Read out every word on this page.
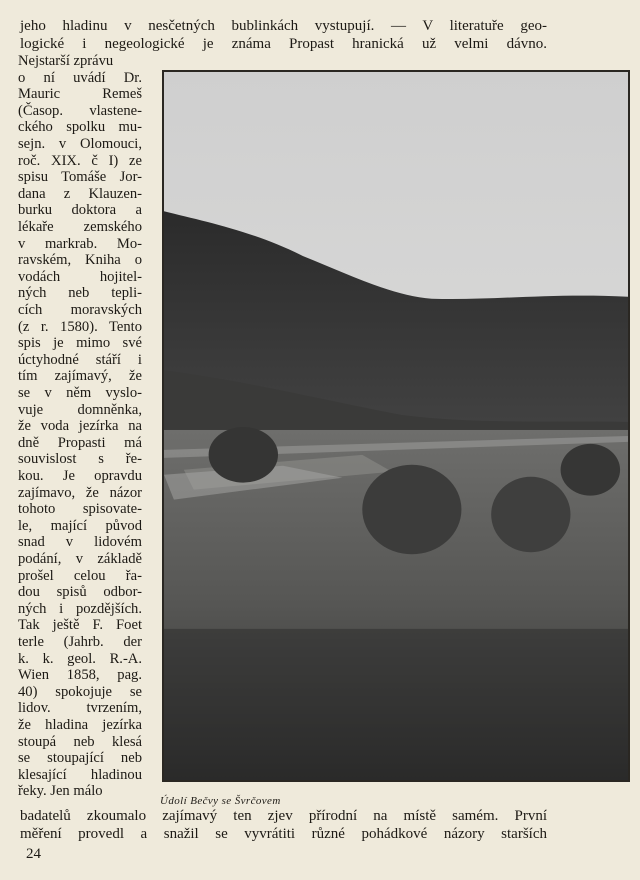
jeho hladinu v nesčetných bublinkách vystupují. — V literatuře geo-
logické i negeologické je známa Propast hranická už velmi dávno.
Nejstarší zprávu
o ní uvádí Dr.
Mauric Remeš
(Časop. vlastene-
ckého spolku mu-
sejn. v Olomouci,
roč. XIX. č I) ze
spisu Tomáše Jor-
dana z Klauzen-
burku doktora a
lékaře zemského
v markrab. Mo-
ravském, Kniha o
vodách hojitel-
ných neb tepli-
cích moravských
(z r. 1580). Tento
spis je mimo své
úctyhodné stáří i
tím zajímavý, že
se v něm vyslo-
vuje domněnka,
že voda jezírka na
dně Propasti má
souvislost s ře-
kou. Je opravdu
zajímavo, že názor
tohoto spisovate-
le, mající původ
snad v lidovém
podání, v základě
prošel celou řa-
dou spisů odbor-
ných i pozdějších.
Tak ještě F. Foet
terle (Jahrb. der
k. k. geol. R.-A.
Wien 1858, pag.
40) spokojuje se
lidov. tvrzením,
že hladina jezírka
stoupá neb klesá
se stoupající neb
klesající hladinou
řeky. Jen málo
Údolí Bečvy se Švrčovem
badatelů zkoumalo zajímavý ten zjev přírodní na místě samém. První
měření provedl a snažil se vyvrátiti různé pohádkové názory starších
24
